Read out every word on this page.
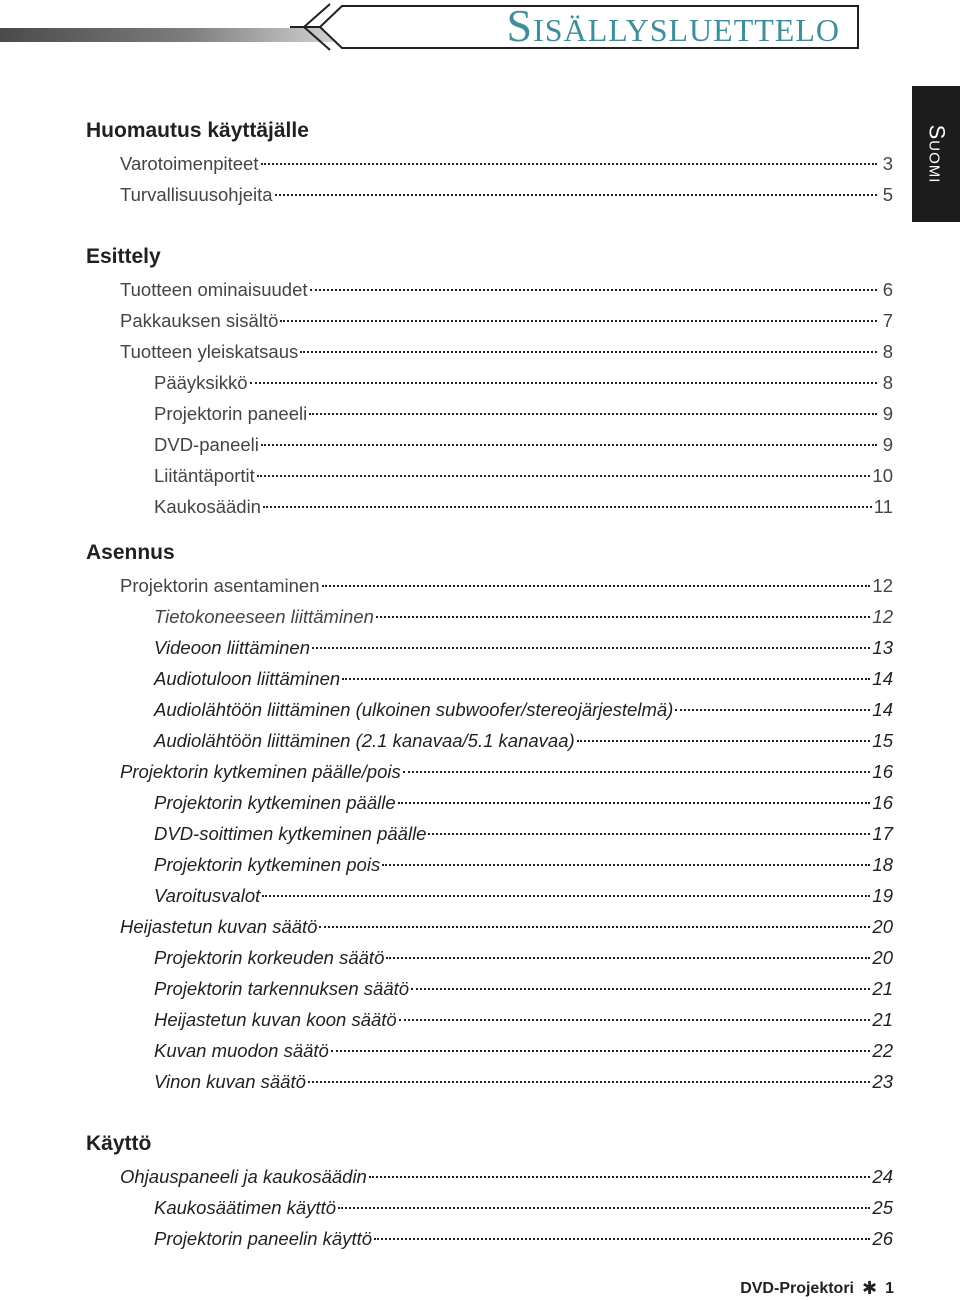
Sisällysluettelo
Suomi
Huomautus käyttäjälle
Varotoimenpiteet	3
Turvallisuusohjeita	5
Esittely
Tuotteen ominaisuudet	6
Pakkauksen sisältö	7
Tuotteen yleiskatsaus	8
Pääyksikkö	8
Projektorin paneeli	9
DVD-paneeli	9
Liitäntäportit	10
Kaukosäädin	11
Asennus
Projektorin asentaminen	12
Tietokoneeseen liittäminen	12
Videoon liittäminen	13
Audiotuloon liittäminen	14
Audiolähtöön liittäminen (ulkoinen subwoofer/stereojärjestelmä)	14
Audiolähtöön liittäminen (2.1 kanavaa/5.1 kanavaa)	15
Projektorin kytkeminen päälle/pois	16
Projektorin kytkeminen päälle	16
DVD-soittimen kytkeminen päälle	17
Projektorin kytkeminen pois	18
Varoitusvalot	19
Heijastetun kuvan säätö	20
Projektorin korkeuden säätö	20
Projektorin tarkennuksen säätö	21
Heijastetun kuvan koon säätö	21
Kuvan muodon säätö	22
Vinon kuvan säätö	23
Käyttö
Ohjauspaneeli ja kaukosäädin	24
Kaukosäätimen käyttö	25
Projektorin paneelin käyttö	26
DVD-Projektori ✱ 1
